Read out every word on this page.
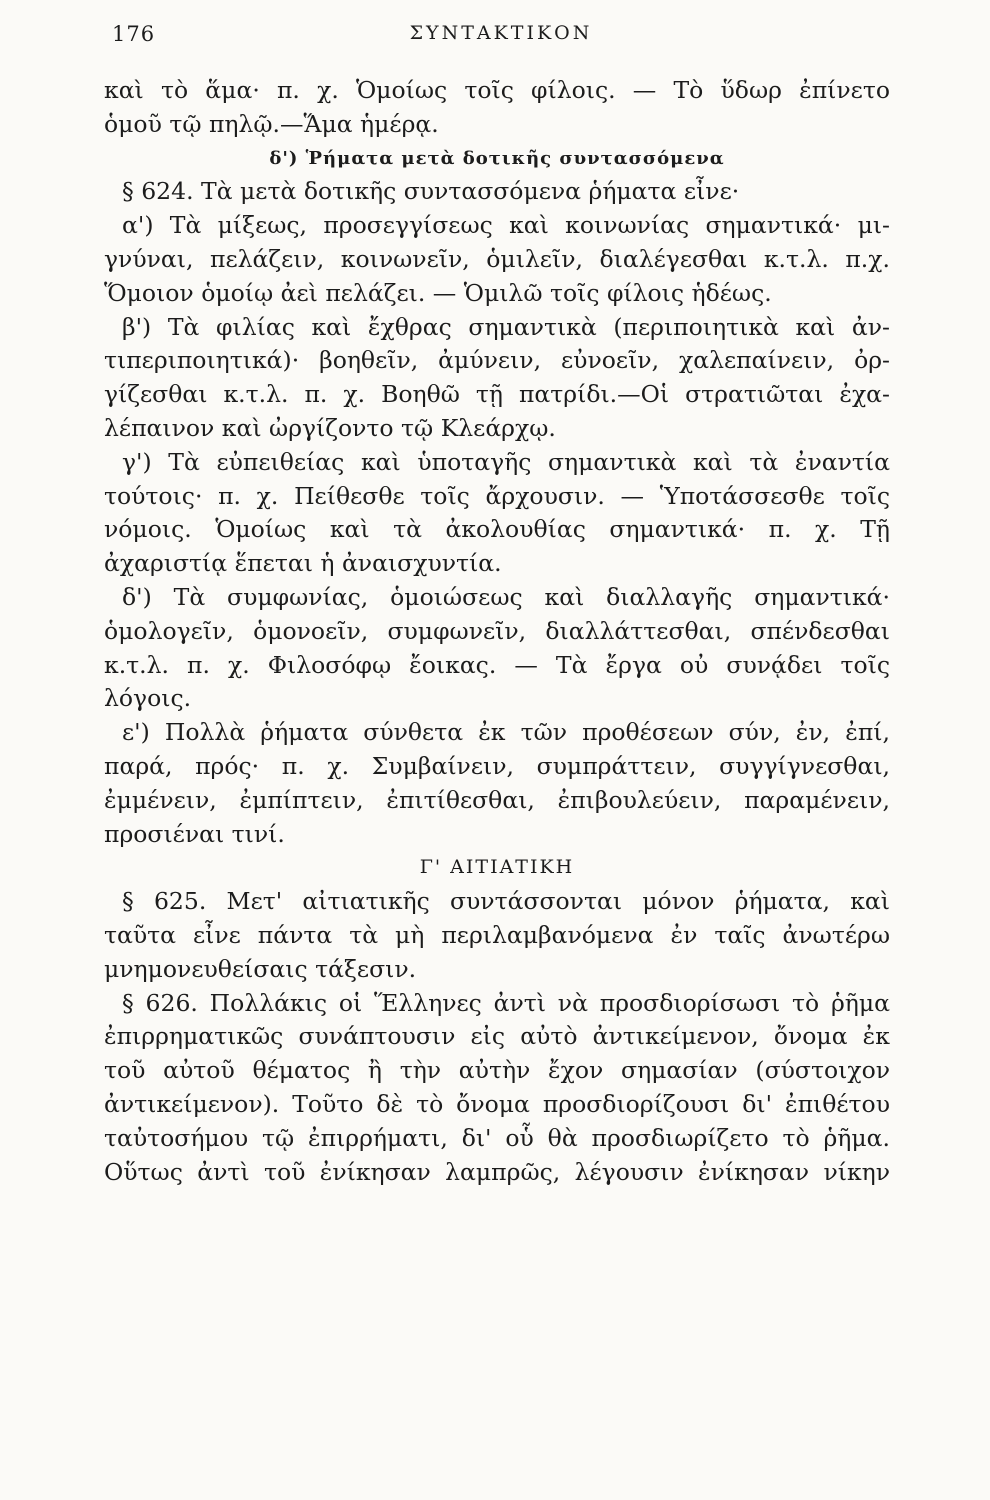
176	ΣΥΝΤΑΚΤΙΚΟΝ
καὶ τὸ ἅμα· π. χ. Ὁμοίως τοῖς φίλοις. — Τὸ ὕδωρ ἐπίνετο
ὁμοῦ τῷ πηλῷ.—Ἅμα ἡμέρᾳ.
δ') Ῥήματα μετὰ δοτικῆς συντασσόμενα
§ 624. Τὰ μετὰ δοτικῆς συντασσόμενα ῥήματα εἶνε·
α') Τὰ μίξεως, προσεγγίσεως καὶ κοινωνίας σημαντικά· μι-
γνύναι, πελάζειν, κοινωνεῖν, ὁμιλεῖν, διαλέγεσθαι κ.τ.λ. π.χ.
Ὅμοιον ὁμοίῳ ἀεὶ πελάζει. — Ὁμιλῶ τοῖς φίλοις ἡδέως.
β') Τὰ φιλίας καὶ ἔχθρας σημαντικὰ (περιποιητικὰ καὶ ἀν-
τιπεριποιητικά)· βοηθεῖν, ἀμύνειν, εὐνοεῖν, χαλεπαίνειν, ὀρ-
γίζεσθαι κ.τ.λ. π. χ. Βοηθῶ τῇ πατρίδι.—Οἱ στρατιῶται ἐχα-
λέπαινον καὶ ὠργίζοντο τῷ Κλεάρχῳ.
γ') Τὰ εὐπειθείας καὶ ὑποταγῆς σημαντικὰ καὶ τὰ ἐναντία
τούτοις· π. χ. Πείθεσθε τοῖς ἄρχουσιν. — Ὑποτάσσεσθε τοῖς
νόμοις. Ὁμοίως καὶ τὰ ἀκολουθίας σημαντικά· π. χ. Τῇ
ἀχαριστίᾳ ἕπεται ἡ ἀναισχυντία.
δ') Τὰ συμφωνίας, ὁμοιώσεως καὶ διαλλαγῆς σημαντικά·
ὁμολογεῖν, ὁμονοεῖν, συμφωνεῖν, διαλλάττεσθαι, σπένδεσθαι
κ.τ.λ. π. χ. Φιλοσόφῳ ἔοικας. — Τὰ ἔργα οὐ συνᾴδει τοῖς
λόγοις.
ε') Πολλὰ ῥήματα σύνθετα ἐκ τῶν προθέσεων σύν, ἐν, ἐπί,
παρά, πρός· π. χ. Συμβαίνειν, συμπράττειν, συγγίγνεσθαι,
ἐμμένειν, ἐμπίπτειν, ἐπιτίθεσθαι, ἐπιβουλεύειν, παραμένειν,
προσιέναι τινί.
Γ' ΑΙΤΙΑΤΙΚΗ
§ 625. Μετ' αἰτιατικῆς συντάσσονται μόνον ῥήματα, καὶ
ταῦτα εἶνε πάντα τὰ μὴ περιλαμβανόμενα ἐν ταῖς ἀνωτέρω
μνημονευθείσαις τάξεσιν.
§ 626. Πολλάκις οἱ Ἕλληνες ἀντὶ νὰ προσδιορίσωσι τὸ ῥῆμα
ἐπιρρηματικῶς συνάπτουσιν εἰς αὐτὸ ἀντικείμενον, ὄνομα ἐκ
τοῦ αὐτοῦ θέματος ἢ τὴν αὐτὴν ἔχον σημασίαν (σύστοιχον
ἀντικείμενον). Τοῦτο δὲ τὸ ὄνομα προσδιορίζουσι δι' ἐπιθέτου
ταὐτοσήμου τῷ ἐπιρρήματι, δι' οὗ θὰ προσδιωρίζετο τὸ ῥῆμα.
Οὕτως ἀντὶ τοῦ ἐνίκησαν λαμπρῶς, λέγουσιν ἐνίκησαν νίκην
